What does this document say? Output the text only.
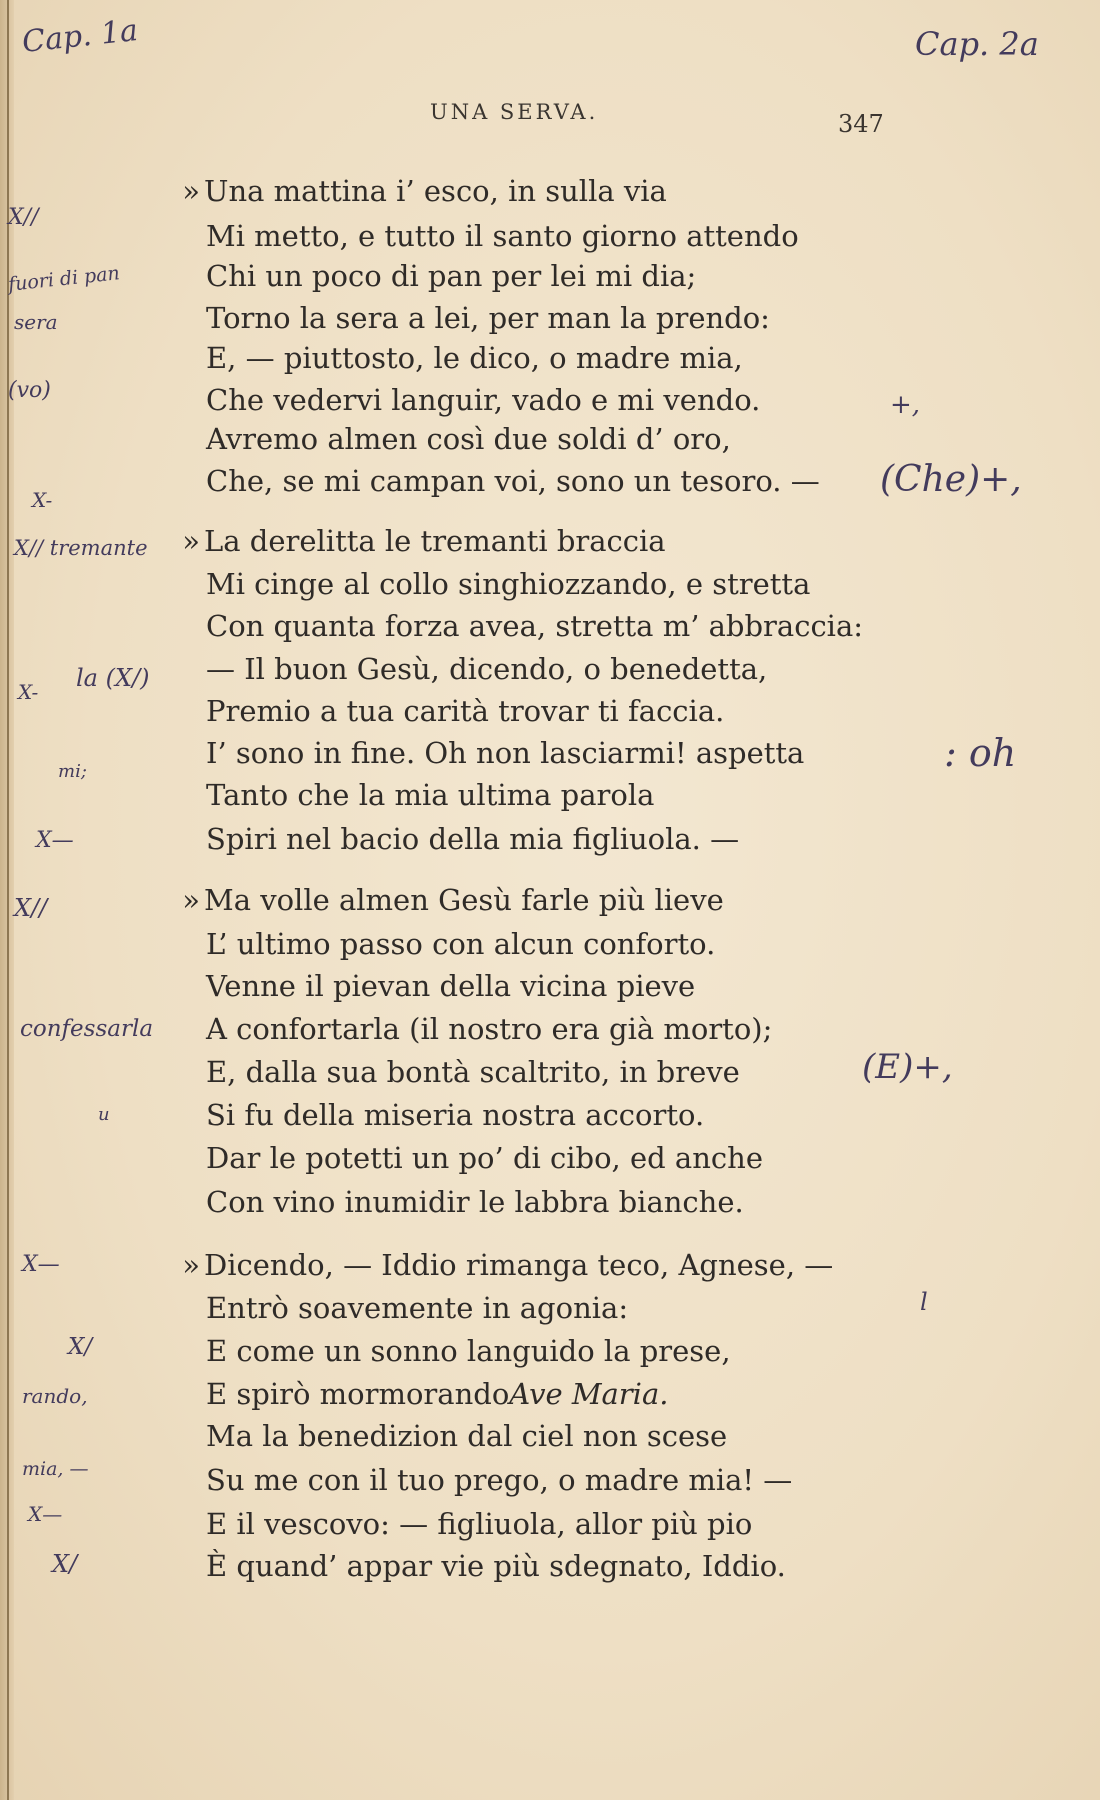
Cap. 1a	Cap. 2a
UNA SERVA.	347
» Una mattina i’ esco, in sulla via
Mi metto, e tutto il santo giorno attendo
Chi un poco di pan per lei mi dia;
Torno la sera a lei, per man la prendo:
E, — piuttosto, le dico, o madre mia,
Che vedervi languir, vado e mi vendo.
Avremo almen così due soldi d’ oro,
Che, se mi campan voi, sono un tesoro. —
» La derelitta le tremanti braccia
Mi cinge al collo singhiozzando, e stretta
Con quanta forza avea, stretta m’ abbraccia:
— Il buon Gesù, dicendo, o benedetta,
Premio a tua carità trovar ti faccia.
I’ sono in fine. Oh non lasciarmi! aspetta
Tanto che la mia ultima parola
Spiri nel bacio della mia figliuola. —
» Ma volle almen Gesù farle più lieve
L’ ultimo passo con alcun conforto.
Venne il pievan della vicina pieve
A confortarla (il nostro era già morto);
E, dalla sua bontà scaltrito, in breve
Si fu della miseria nostra accorto.
Dar le potetti un po’ di cibo, ed anche
Con vino inumidir le labbra bianche.
» Dicendo, — Iddio rimanga teco, Agnese, —
Entrò soavemente in agonia:
E come un sonno languido la prese,
E spirò mormorandoAve Maria.
Ma la benedizion dal ciel non scese
Su me con il tuo prego, o madre mia! —
E il vescovo: — figliuola, allor più pio
È quand’ appar vie più sdegnato, Iddio.
X//
fuori di pan
sera
(vo)
X-
X// tremante
X- la (X/)
mi;
X—
X//
confessarla
u
X—
X/
rando,
mia, —
X—
X/
+,
(Che)+,
: oh
(E)+,
l
